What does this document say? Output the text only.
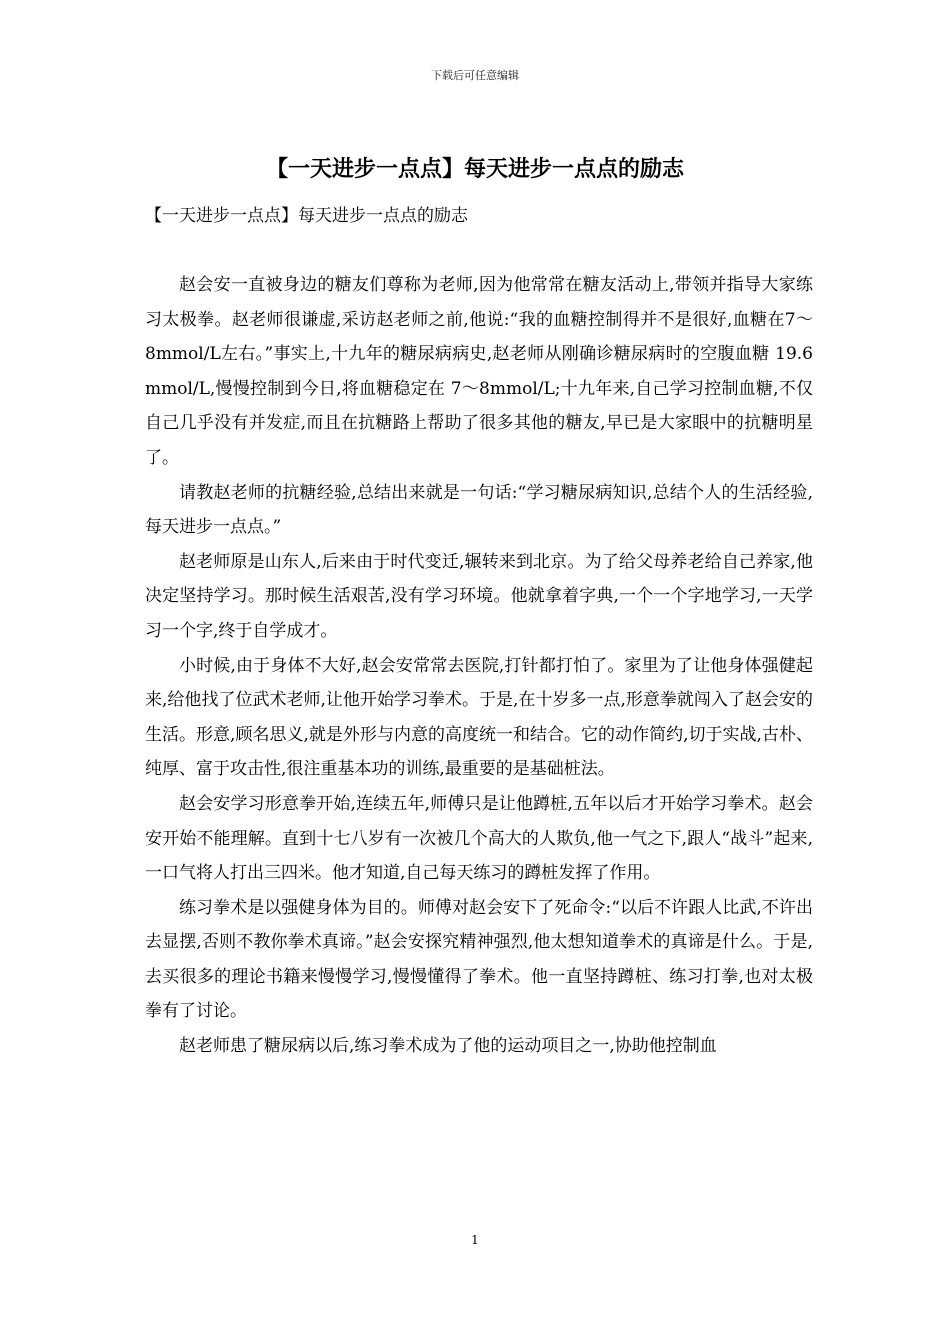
下载后可任意编辑
【一天进步一点点】每天进步一点点的励志

【一天进步一点点】每天进步一点点的励志

赵会安一直被身边的糖友们尊称为老师,因为他常常在糖友活动上,带领并指导大家练习太极拳。赵老师很谦虚,采访赵老师之前,他说:“我的血糖控制得并不是很好,血糖在7～8mmol/L左右。”事实上,十九年的糖尿病病史,赵老师从刚确诊糖尿病时的空腹血糖 19.6 mmol/L,慢慢控制到今日,将血糖稳定在 7～8mmol/L;十九年来,自己学习控制血糖,不仅自己几乎没有并发症,而且在抗糖路上帮助了很多其他的糖友,早已是大家眼中的抗糖明星了。

请教赵老师的抗糖经验,总结出来就是一句话:“学习糖尿病知识,总结个人的生活经验,每天进步一点点。”

赵老师原是山东人,后来由于时代变迁,辗转来到北京。为了给父母养老给自己养家,他决定坚持学习。那时候生活艰苦,没有学习环境。他就拿着字典,一个一个字地学习,一天学习一个字,终于自学成才。

小时候,由于身体不大好,赵会安常常去医院,打针都打怕了。家里为了让他身体强健起来,给他找了位武术老师,让他开始学习拳术。于是,在十岁多一点,形意拳就闯入了赵会安的生活。形意,顾名思义,就是外形与内意的高度统一和结合。它的动作简约,切于实战,古朴、纯厚、富于攻击性,很注重基本功的训练,最重要的是基础桩法。

赵会安学习形意拳开始,连续五年,师傅只是让他蹲桩,五年以后才开始学习拳术。赵会安开始不能理解。直到十七八岁有一次被几个高大的人欺负,他一气之下,跟人“战斗”起来,一口气将人打出三四米。他才知道,自己每天练习的蹲桩发挥了作用。

练习拳术是以强健身体为目的。师傅对赵会安下了死命令:“以后不许跟人比武,不许出去显摆,否则不教你拳术真谛。”赵会安探究精神强烈,他太想知道拳术的真谛是什么。于是,去买很多的理论书籍来慢慢学习,慢慢懂得了拳术。他一直坚持蹲桩、练习打拳,也对太极拳有了讨论。

赵老师患了糖尿病以后,练习拳术成为了他的运动项目之一,协助他控制血

1
